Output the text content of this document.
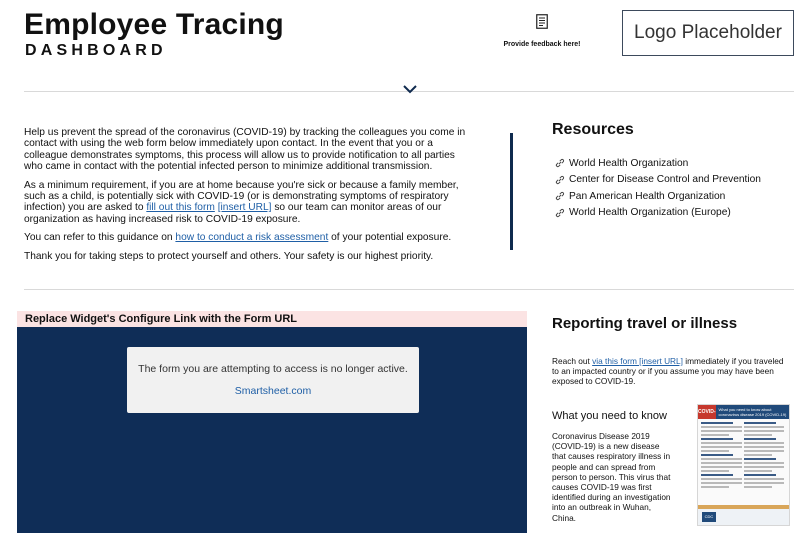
Employee Tracing
DASHBOARD	Provide feedback here!
Logo Placeholder

Help us prevent the spread of the coronavirus (COVID-19) by tracking the colleagues you come in contact with using the web form below immediately upon contact. In the event that you or a colleague demonstrates symptoms, this process will allow us to provide notification to all parties who came in contact with the potential infected person to minimize additional transmission.

As a minimum requirement, if you are at home because you're sick or because a family member, such as a child, is potentially sick with COVID-19 (or is demonstrating symptoms of respiratory infection) you are asked to fill out this form [insert URL] so our team can monitor areas of our organization as having increased risk to COVID-19 exposure.

You can refer to this guidance on how to conduct a risk assessment of your potential exposure.

Thank you for taking steps to protect yourself and others. Your safety is our highest priority.

Resources
World Health Organization
Center for Disease Control and Prevention
Pan American Health Organization
World Health Organization (Europe)
Replace Widget's Configure Link with the Form URL
The form you are attempting to access is no longer active.
Smartsheet.com
Reporting travel or illness
Reach out via this form [insert URL] immediately if you traveled to an impacted country or if you assume you may have been exposed to COVID-19.
What you need to know
Coronavirus Disease 2019 (COVID-19) is a new disease that causes respiratory illness in people and can spread from person to person. This virus that causes COVID-19 was first identified during an investigation into an outbreak in Wuhan, China.
COVID- What you need to know about coronavirus disease 2019 (COVID-19)
CDC
